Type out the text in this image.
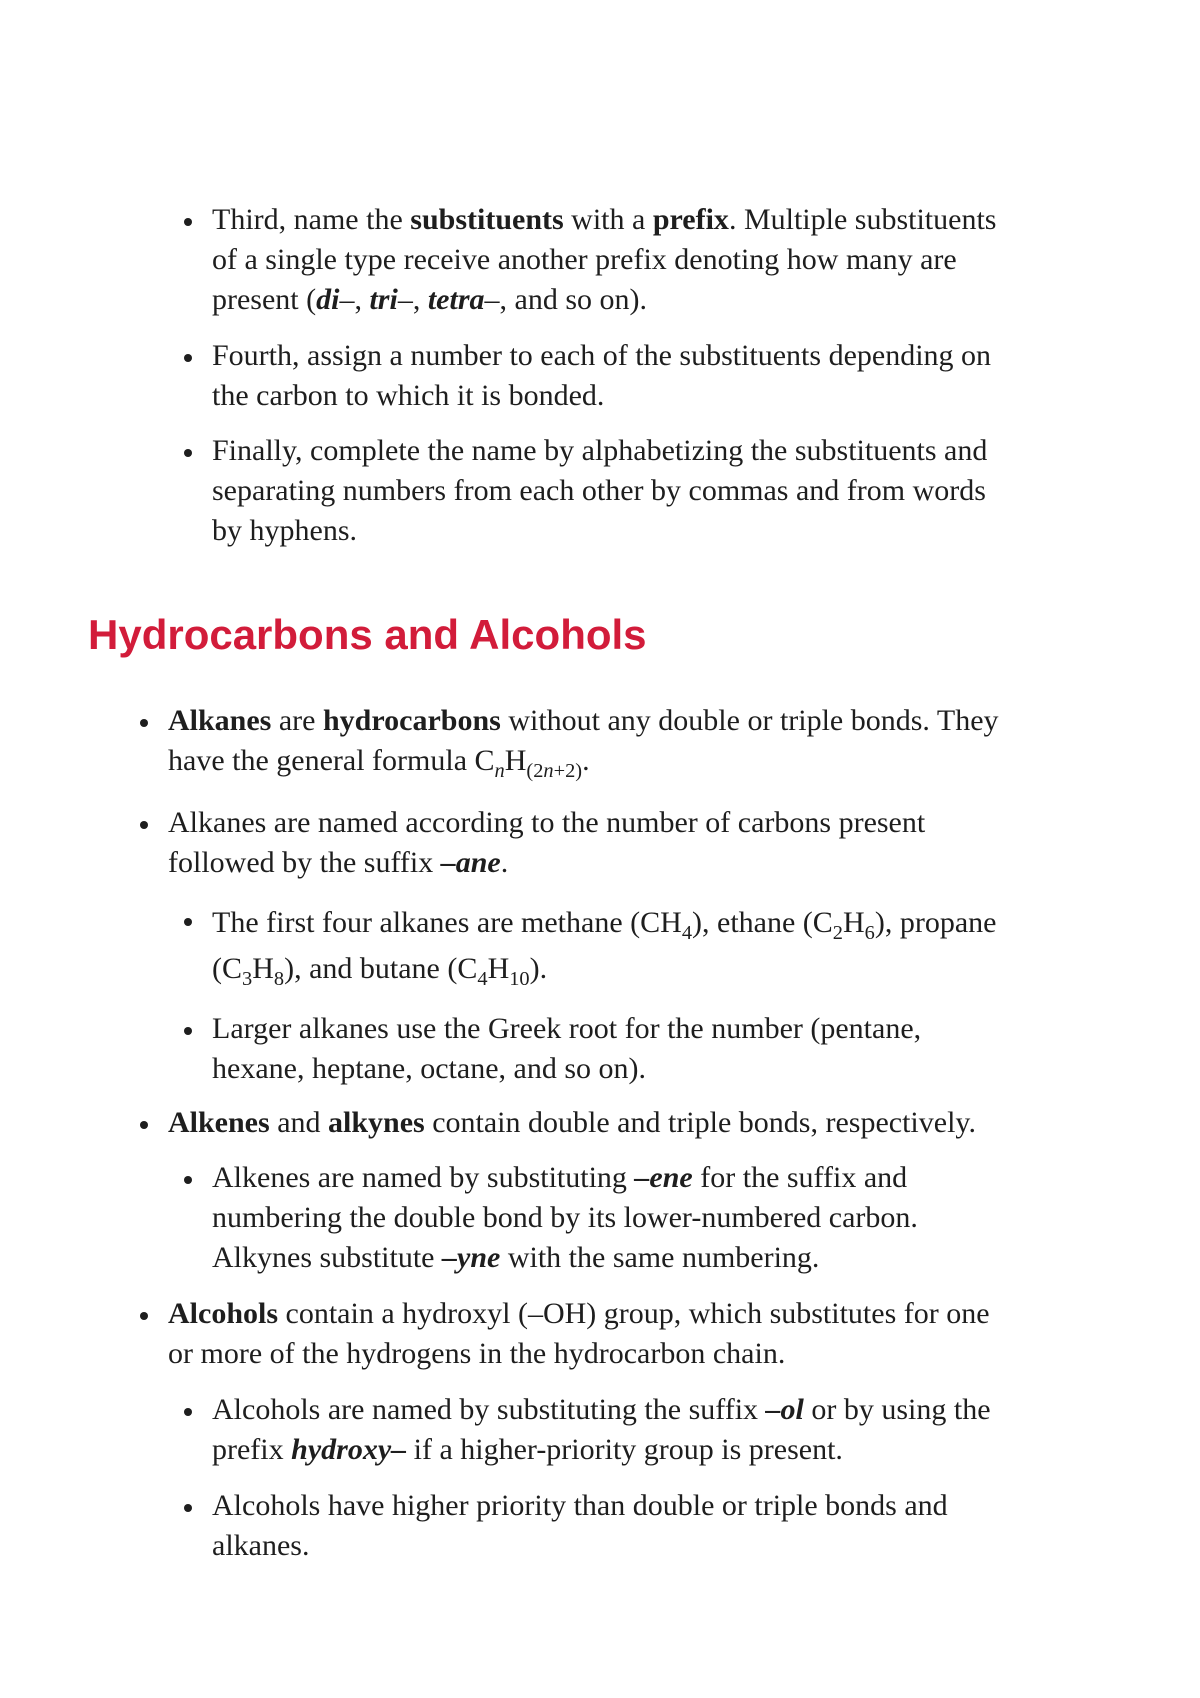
Third, name the substituents with a prefix. Multiple substituents
of a single type receive another prefix denoting how many are
present (di–, tri–, tetra–, and so on).
Fourth, assign a number to each of the substituents depending on
the carbon to which it is bonded.
Finally, complete the name by alphabetizing the substituents and
separating numbers from each other by commas and from words
by hyphens.
Hydrocarbons and Alcohols
Alkanes are hydrocarbons without any double or triple bonds. They
have the general formula $C_nH_{(2n+2)}$.
Alkanes are named according to the number of carbons present
followed by the suffix –ane.
The first four alkanes are methane $(CH_4)$, ethane $(C_2H_6)$, propane
$(C_3H_8)$, and butane $(C_4H_{10})$.
Larger alkanes use the Greek root for the number (pentane,
hexane, heptane, octane, and so on).
Alkenes and alkynes contain double and triple bonds, respectively.
Alkenes are named by substituting –ene for the suffix and
numbering the double bond by its lower-numbered carbon.
Alkynes substitute –yne with the same numbering.
Alcohols contain a hydroxyl (–OH) group, which substitutes for one
or more of the hydrogens in the hydrocarbon chain.
Alcohols are named by substituting the suffix –ol or by using the
prefix hydroxy– if a higher-priority group is present.
Alcohols have higher priority than double or triple bonds and
alkanes.
